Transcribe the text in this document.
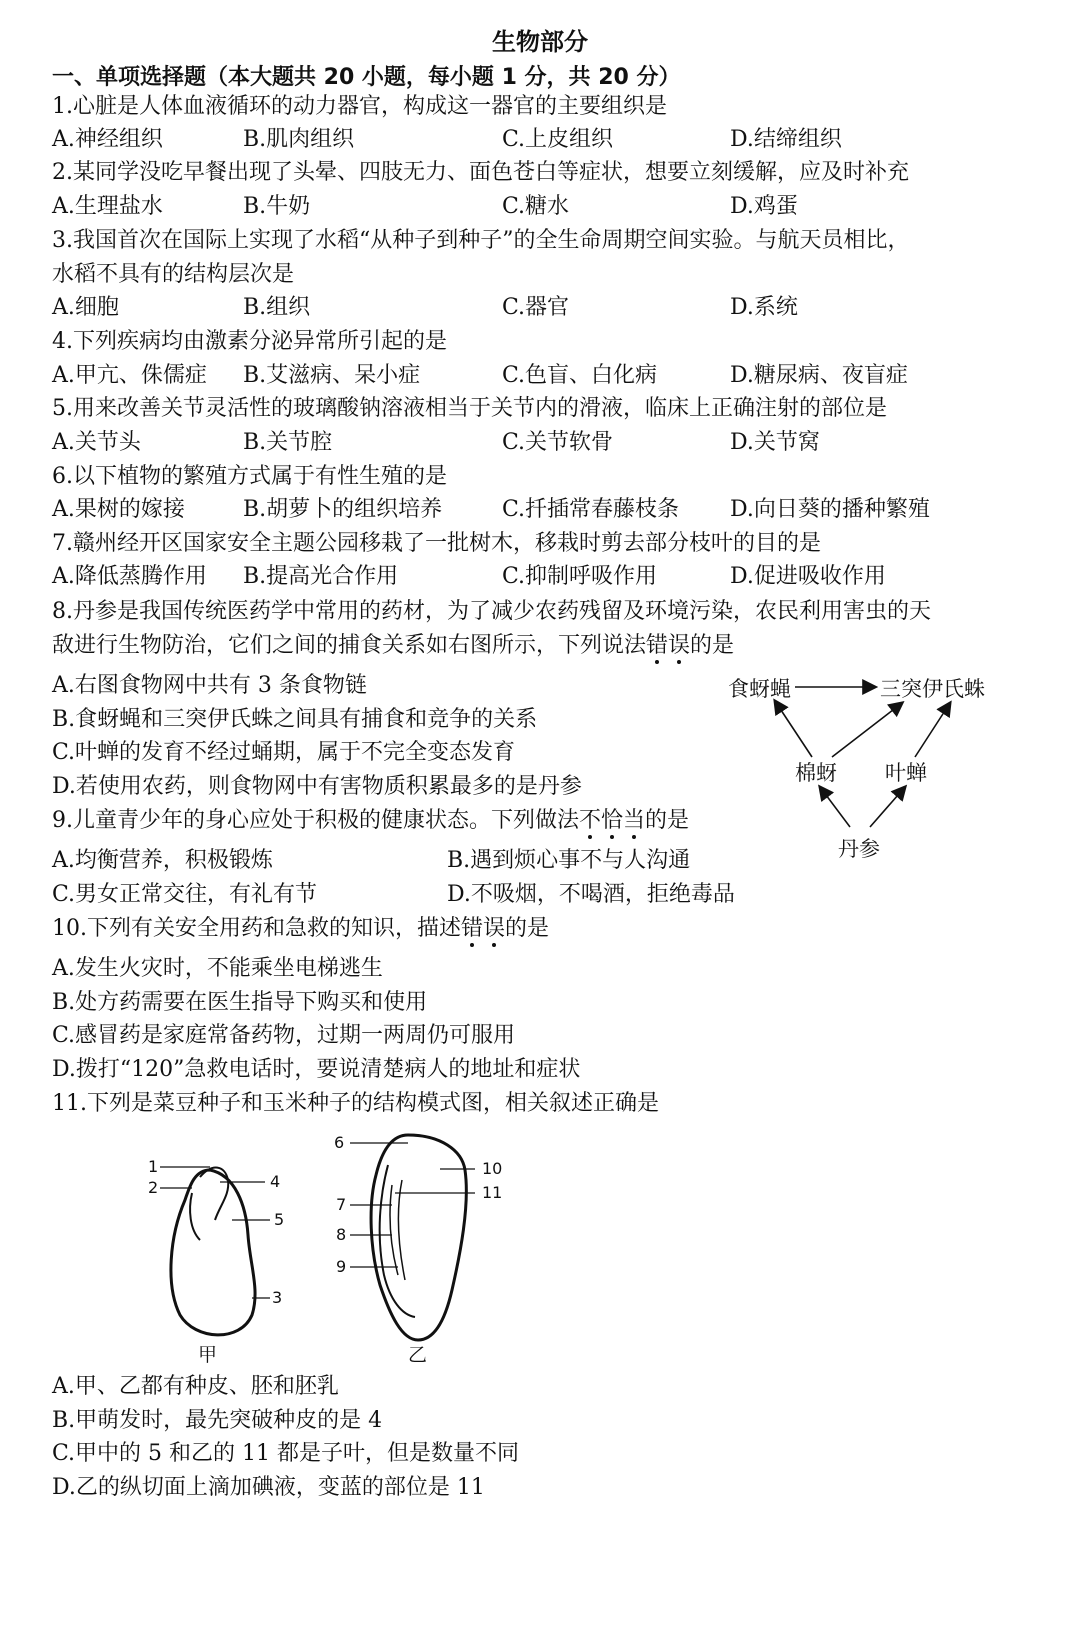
生物部分
一、单项选择题（本大题共 20 小题，每小题 1 分，共 20 分）
1.心脏是人体血液循环的动力器官，构成这一器官的主要组织是
A.神经组织	B.肌肉组织	C.上皮组织	D.结缔组织
2.某同学没吃早餐出现了头晕、四肢无力、面色苍白等症状，想要立刻缓解，应及时补充
A.生理盐水	B.牛奶	C.糖水	D.鸡蛋
3.我国首次在国际上实现了水稻“从种子到种子”的全生命周期空间实验。与航天员相比，
水稻不具有的结构层次是
A.细胞	B.组织	C.器官	D.系统
4.下列疾病均由激素分泌异常所引起的是
A.甲亢、侏儒症 B.艾滋病、呆小症	C.色盲、白化病	D.糖尿病、夜盲症
5.用来改善关节灵活性的玻璃酸钠溶液相当于关节内的滑液，临床上正确注射的部位是
A.关节头	B.关节腔	C.关节软骨	D.关节窝
6.以下植物的繁殖方式属于有性生殖的是
A.果树的嫁接	B.胡萝卜的组织培养	C.扦插常春藤枝条 D.向日葵的播种繁殖
7.赣州经开区国家安全主题公园移栽了一批树木，移栽时剪去部分枝叶的目的是
A.降低蒸腾作用 B.提高光合作用	C.抑制呼吸作用	D.促进吸收作用
8.丹参是我国传统医药学中常用的药材，为了减少农药残留及环境污染，农民利用害虫的天
敌进行生物防治，它们之间的捕食关系如右图所示，下列说法错误的是
A.右图食物网中共有 3 条食物链
B.食蚜蝇和三突伊氏蛛之间具有捕食和竞争的关系
C.叶蝉的发育不经过蛹期，属于不完全变态发育
D.若使用农药，则食物网中有害物质积累最多的是丹参
食蚜蝇	三突伊氏蛛
棉蚜 叶蝉
丹参
9.儿童青少年的身心应处于积极的健康状态。下列做法不恰当的是
A.均衡营养，积极锻炼	B.遇到烦心事不与人沟通
C.男女正常交往，有礼有节	D.不吸烟，不喝酒，拒绝毒品
10.下列有关安全用药和急救的知识，描述错误的是
A.发生火灾时，不能乘坐电梯逃生
B.处方药需要在医生指导下购买和使用
C.感冒药是家庭常备药物，过期一两周仍可服用
D.拨打“120”急救电话时，要说清楚病人的地址和症状
11.下列是菜豆种子和玉米种子的结构模式图，相关叙述正确是
1
2
3
4
5
6
7
8
9
10
11
甲	乙
A.甲、乙都有种皮、胚和胚乳
B.甲萌发时，最先突破种皮的是 4
C.甲中的 5 和乙的 11 都是子叶，但是数量不同
D.乙的纵切面上滴加碘液，变蓝的部位是 11
